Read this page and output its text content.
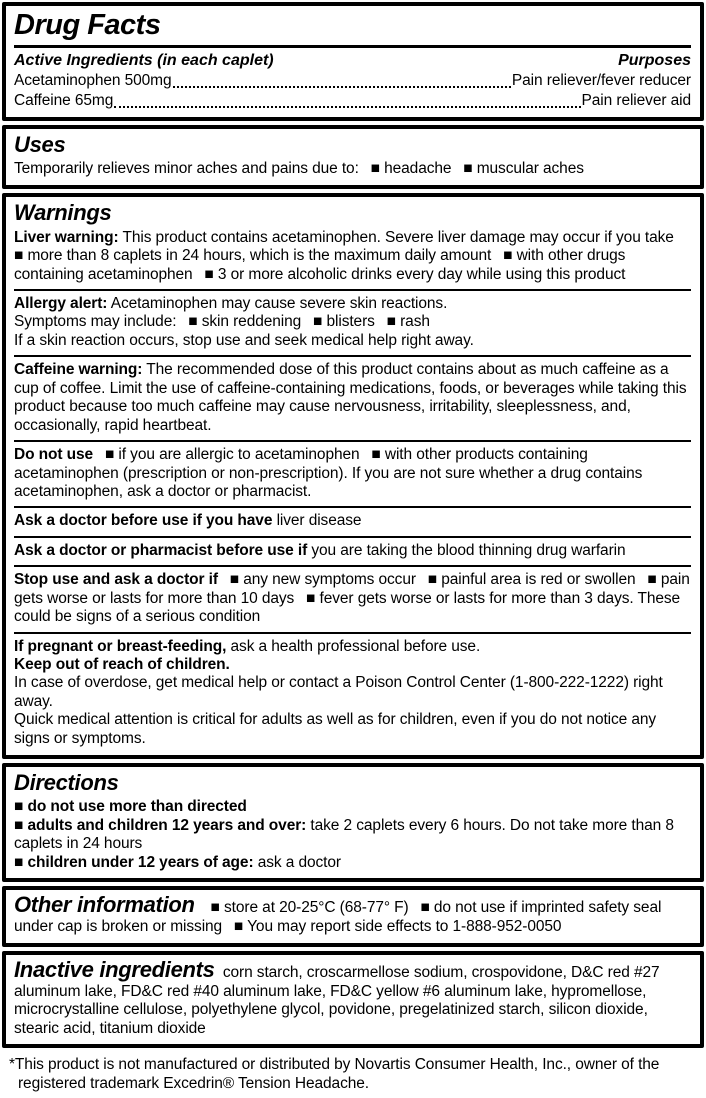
Drug Facts
Active Ingredients (in each caplet)	Purposes
Acetaminophen 500mg	Pain reliever/fever reducer
Caffeine 65mg	Pain reliever aid
Uses

Temporarily relieves minor aches and pains due to:  ■ headache  ■ muscular aches

Warnings

Liver warning: This product contains acetaminophen. Severe liver damage may occur if you take  ■ more than 8 caplets in 24 hours, which is the maximum daily amount  ■ with other drugs containing acetaminophen  ■ 3 or more alcoholic drinks every day while using this product

Allergy alert: Acetaminophen may cause severe skin reactions.

Symptoms may include:  ■ skin reddening  ■ blisters  ■ rash

If a skin reaction occurs, stop use and seek medical help right away.

Caffeine warning: The recommended dose of this product contains about as much caffeine as a cup of coffee. Limit the use of caffeine-containing medications, foods, or beverages while taking this product because too much caffeine may cause nervousness, irritability, sleeplessness, and, occasionally, rapid heartbeat.

Do not use  ■ if you are allergic to acetaminophen  ■ with other products containing acetaminophen (prescription or non-prescription). If you are not sure whether a drug contains acetaminophen, ask a doctor or pharmacist.

Ask a doctor before use if you have liver disease

Ask a doctor or pharmacist before use if you are taking the blood thinning drug warfarin

Stop use and ask a doctor if  ■ any new symptoms occur  ■ painful area is red or swollen  ■ pain gets worse or lasts for more than 10 days  ■ fever gets worse or lasts for more than 3 days. These could be signs of a serious condition

If pregnant or breast-feeding, ask a health professional before use.

Keep out of reach of children.

In case of overdose, get medical help or contact a Poison Control Center (1-800-222-1222) right away.

Quick medical attention is critical for adults as well as for children, even if you do not notice any signs or symptoms.

Directions

■ do not use more than directed

■ adults and children 12 years and over: take 2 caplets every 6 hours. Do not take more than 8 caplets in 24 hours

■ children under 12 years of age: ask a doctor

Other information  ■ store at 20-25°C (68-77° F)  ■ do not use if imprinted safety seal under cap is broken or missing  ■ You may report side effects to 1-888-952-0050

Inactive ingredients corn starch, croscarmellose sodium, crospovidone, D&C red #27 aluminum lake, FD&C red #40 aluminum lake, FD&C yellow #6 aluminum lake, hypromellose, microcrystalline cellulose, polyethylene glycol, povidone, pregelatinized starch, silicon dioxide, stearic acid, titanium dioxide

*This product is not manufactured or distributed by Novartis Consumer Health, Inc., owner of the registered trademark Excedrin® Tension Headache.
